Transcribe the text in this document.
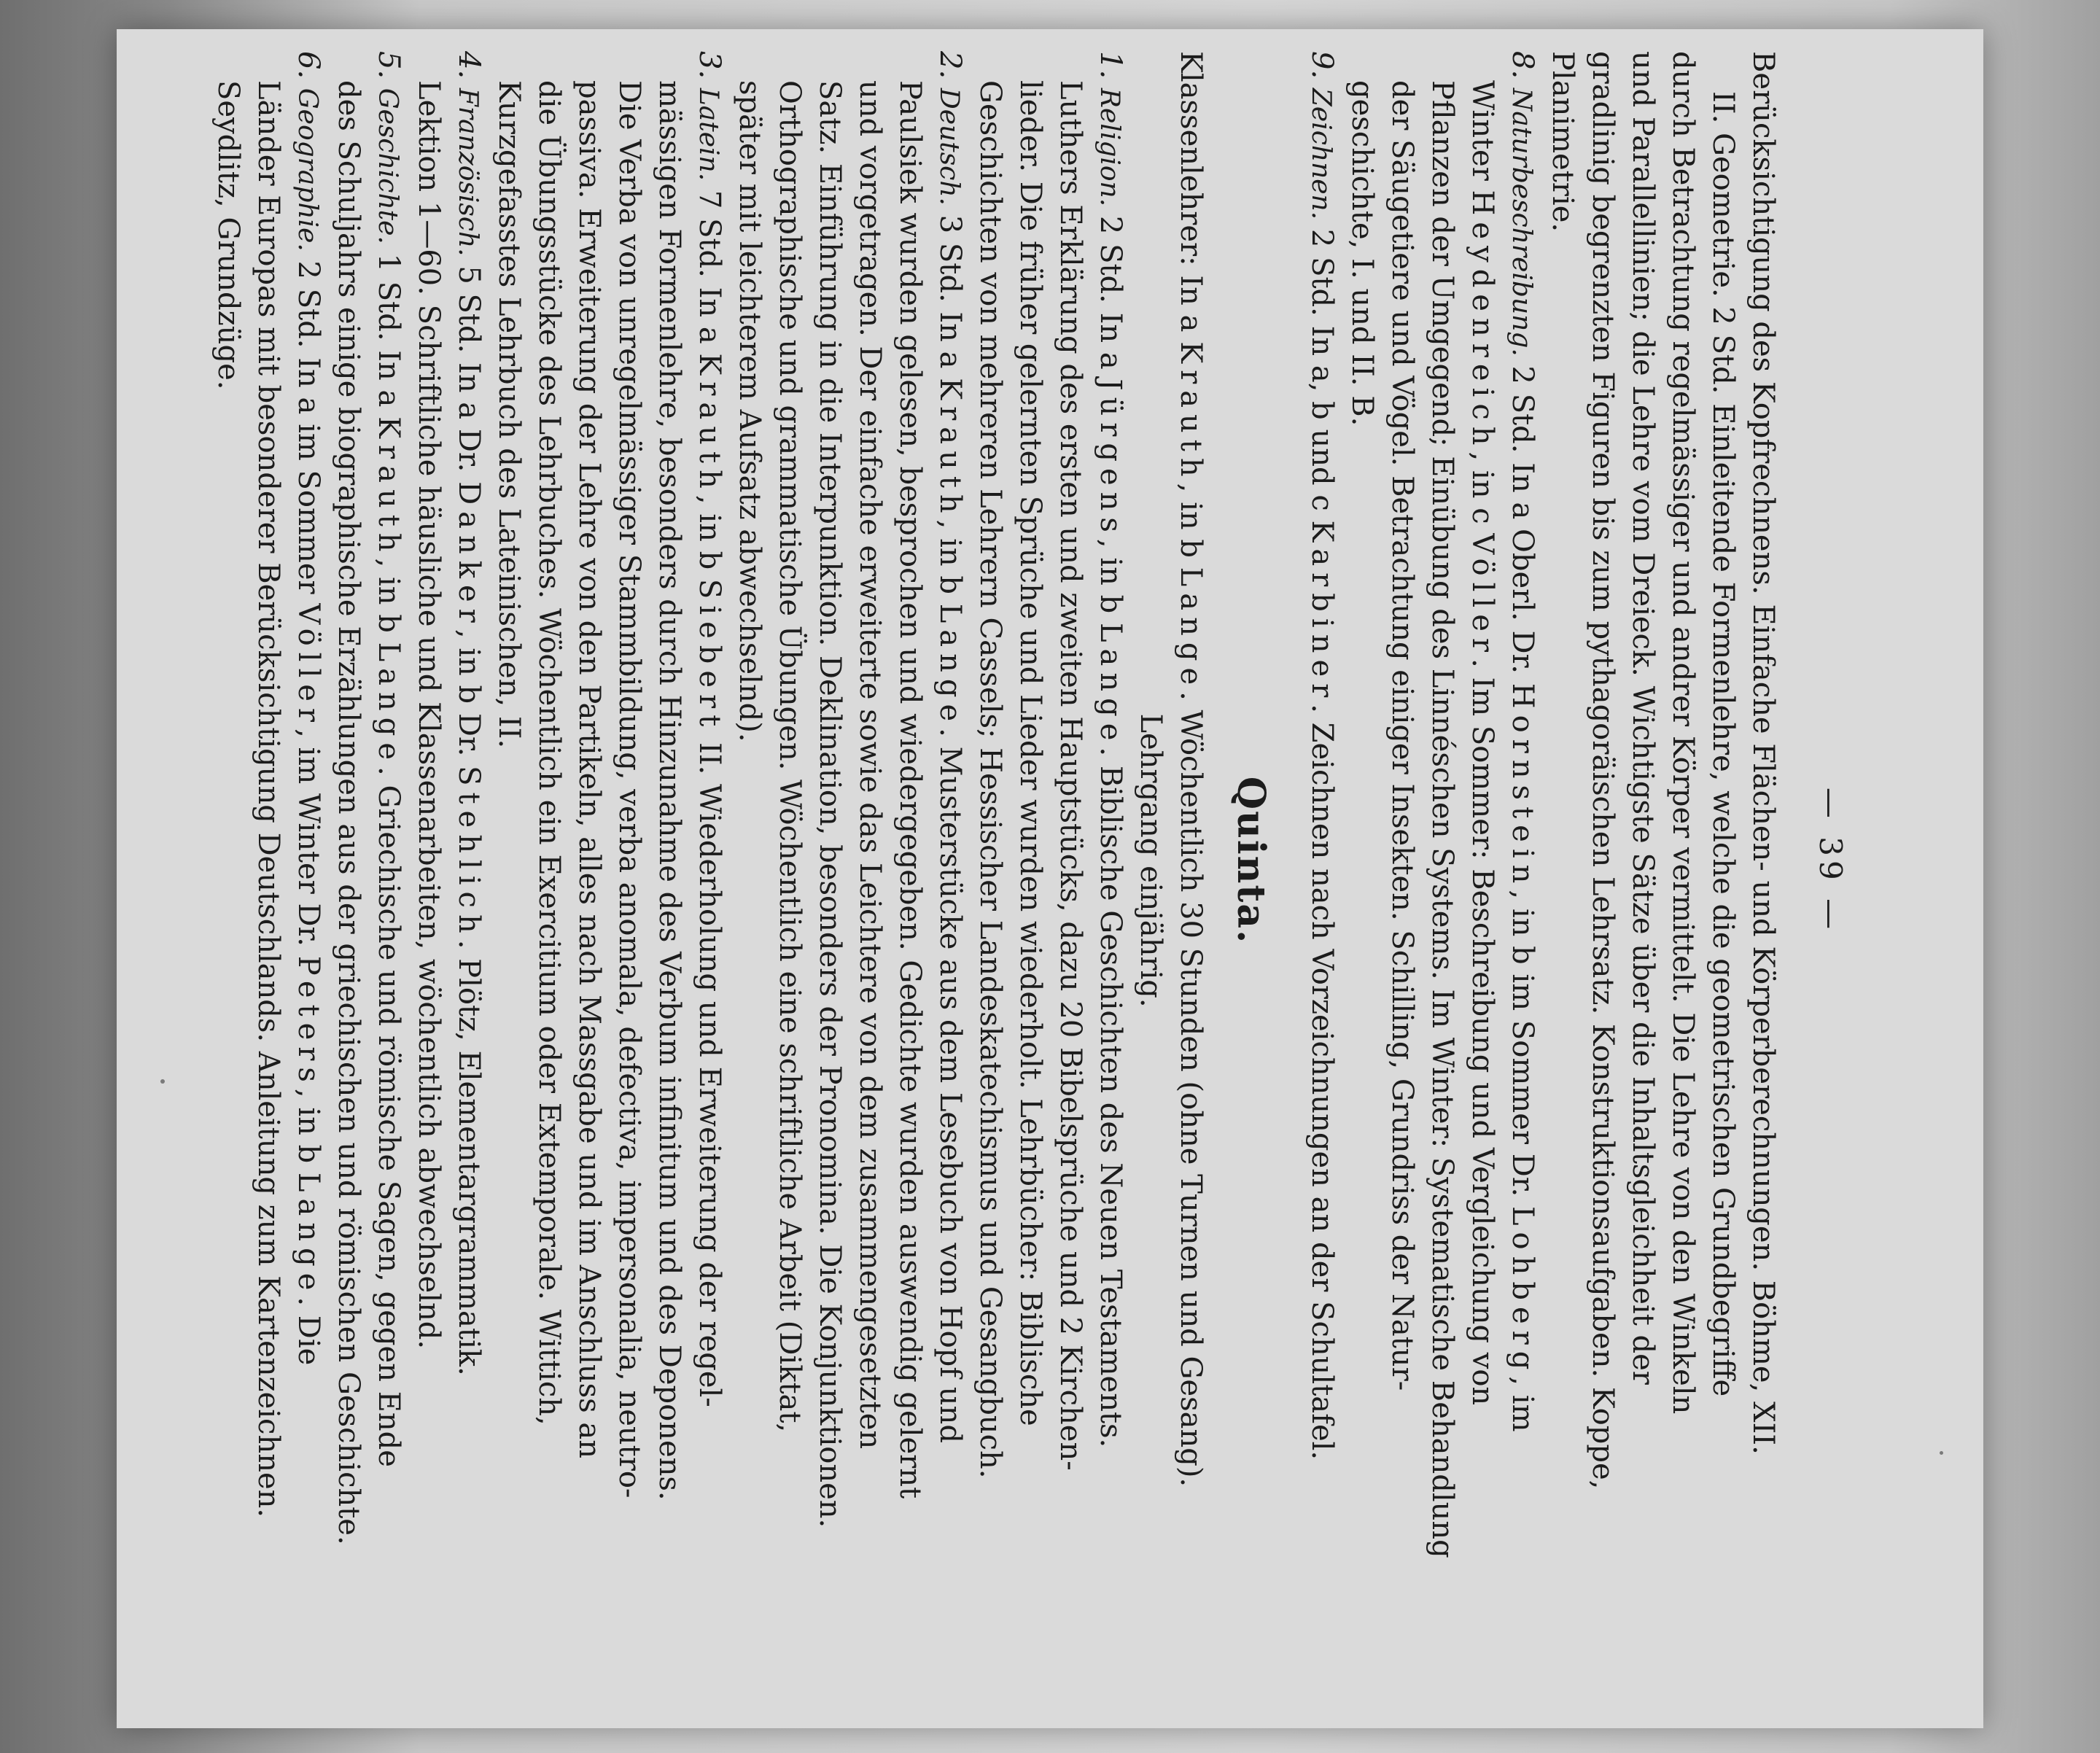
— 39 —
Berücksichtigung des Kopfrechnens. Einfache Flächen- und Körperberechnungen. Böhme, XII.
II. Geometrie. 2 Std. Einleitende Formenlehre, welche die geometrischen Grundbegriffe
durch Betrachtung regelmässiger und andrer Körper vermittelt. Die Lehre von den Winkeln
und Parallellinien; die Lehre vom Dreieck. Wichtigste Sätze über die Inhaltsgleichheit der
gradlinig begrenzten Figuren bis zum pythagoräischen Lehrsatz. Konstruktionsaufgaben. Koppe,
Planimetrie.
8. Naturbeschreibung. 2 Std. In a Oberl. Dr. Hornstein, in b im Sommer Dr. Lohberg, im
Winter Heydenreich, in c Völler. Im Sommer: Beschreibung und Vergleichung von
Pflanzen der Umgegend; Einübung des Linnéschen Systems. Im Winter: Systematische Behandlung
der Säugetiere und Vögel. Betrachtung einiger Insekten. Schilling, Grundriss der Natur-
geschichte, I. und II. B.
9. Zeichnen. 2 Std. In a, b und c Karbiner. Zeichnen nach Vorzeichnungen an der Schultafel.
Quinta.
Klassenlehrer: In a Krauth, in b Lange. Wöchentlich 30 Stunden (ohne Turnen und Gesang).
Lehrgang einjährig.
1. Religion. 2 Std. In a Jürgens, in b Lange. Biblische Geschichten des Neuen Testaments.
Luthers Erklärung des ersten und zweiten Hauptstücks, dazu 20 Bibelsprüche und 2 Kirchen-
lieder. Die früher gelernten Sprüche und Lieder wurden wiederholt. Lehrbücher: Biblische
Geschichten von mehreren Lehrern Cassels; Hessischer Landeskatechismus und Gesangbuch.
2. Deutsch. 3 Std. In a Krauth, in b Lange. Musterstücke aus dem Lesebuch von Hopf und
Paulsiek wurden gelesen, besprochen und wiedergegeben. Gedichte wurden auswendig gelernt
und vorgetragen. Der einfache erweiterte sowie das Leichtere von dem zusammengesetzten
Satz. Einführung in die Interpunktion. Deklination, besonders der Pronomina. Die Konjunktionen.
Orthographische und grammatische Übungen. Wöchentlich eine schriftliche Arbeit (Diktat,
später mit leichterem Aufsatz abwechselnd).
3. Latein. 7 Std. In a Krauth, in b Siebert II. Wiederholung und Erweiterung der regel-
mässigen Formenlehre, besonders durch Hinzunahme des Verbum infinitum und des Deponens.
Die Verba von unregelmässiger Stammbildung, verba anomala, defectiva, impersonalia, neutro-
passiva. Erweiterung der Lehre von den Partikeln, alles nach Massgabe und im Anschluss an
die Übungsstücke des Lehrbuches. Wöchentlich ein Exercitium oder Extemporale. Wittich,
Kurzgefasstes Lehrbuch des Lateinischen, II.
4. Französisch. 5 Std. In a Dr. Danker, in b Dr. Stehlich. Plötz, Elementargrammatik.
Lektion 1—60. Schriftliche häusliche und Klassenarbeiten, wöchentlich abwechselnd.
5. Geschichte. 1 Std. In a Krauth, in b Lange. Griechische und römische Sagen, gegen Ende
des Schuljahrs einige biographische Erzählungen aus der griechischen und römischen Geschichte.
6. Geographie. 2 Std. In a im Sommer Völler, im Winter Dr. Peters, in b Lange. Die
Länder Europas mit besonderer Berücksichtigung Deutschlands. Anleitung zum Kartenzeichnen.
Seydlitz, Grundzüge.
